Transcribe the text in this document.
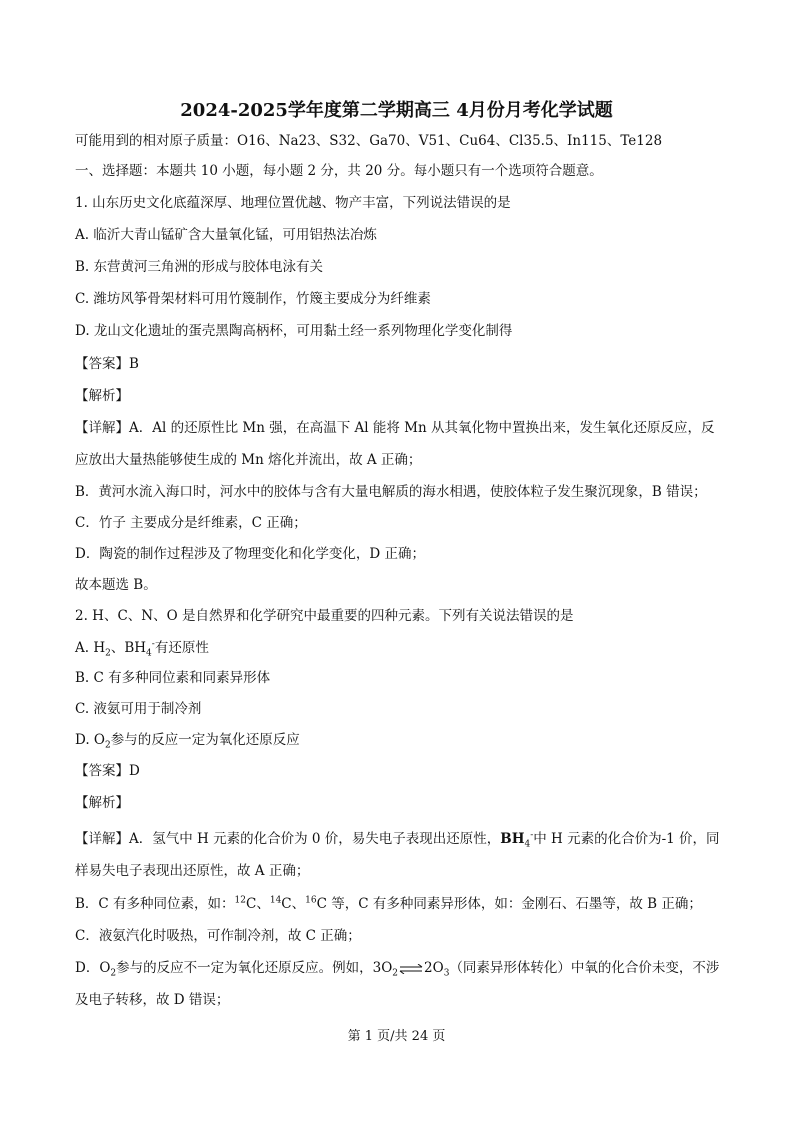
2024-2025学年度第二学期高三 4月份月考化学试题
可能用到的相对原子质量：O16、Na23、S32、Ga70、V51、Cu64、Cl35.5、In115、Te128
一、选择题：本题共 10 小题，每小题 2 分，共 20 分。每小题只有一个选项符合题意。
1. 山东历史文化底蕴深厚、地理位置优越、物产丰富，下列说法错误的是
A. 临沂大青山锰矿含大量氧化锰，可用铝热法冶炼
B. 东营黄河三角洲的形成与胶体电泳有关
C. 潍坊风筝骨架材料可用竹篾制作，竹篾主要成分为纤维素
D. 龙山文化遗址的蛋壳黑陶高柄杯，可用黏土经一系列物理化学变化制得
【答案】B
【解析】
【详解】A．Al 的还原性比 Mn 强，在高温下 Al 能将 Mn 从其氧化物中置换出来，发生氧化还原反应，反
应放出大量热能够使生成的 Mn 熔化并流出，故 A 正确；
B．黄河水流入海口时，河水中的胶体与含有大量电解质的海水相遇，使胶体粒子发生聚沉现象，B 错误；
C．竹子 主要成分是纤维素，C 正确；
D．陶瓷的制作过程涉及了物理变化和化学变化，D 正确；
故本题选 B。
2. H、C、N、O 是自然界和化学研究中最重要的四种元素。下列有关说法错误的是
A. $H_2$、$BH_4^-$有还原性
B. C 有多种同位素和同素异形体
C. 液氨可用于制冷剂
D. $O_2$参与的反应一定为氧化还原反应
【答案】D
【解析】
【详解】A．氢气中 H 元素的化合价为 0 价，易失电子表现出还原性，$BH_4^-$中 H 元素的化合价为-1 价，同
样易失电子表现出还原性，故 A 正确；
B．C 有多种同位素，如：$^{12}$C、$^{14}$C、$^{16}$C 等，C 有多种同素异形体，如：金刚石、石墨等，故 B 正确；
C．液氨汽化时吸热，可作制冷剂，故 C 正确；
D．$O_2$参与的反应不一定为氧化还原反应。例如，$3O_2$ $\rightleftharpoons 2O_3$（同素异形体转化）中氧的化合价未变，不涉
及电子转移，故 D 错误；
第 1 页/共 24 页
